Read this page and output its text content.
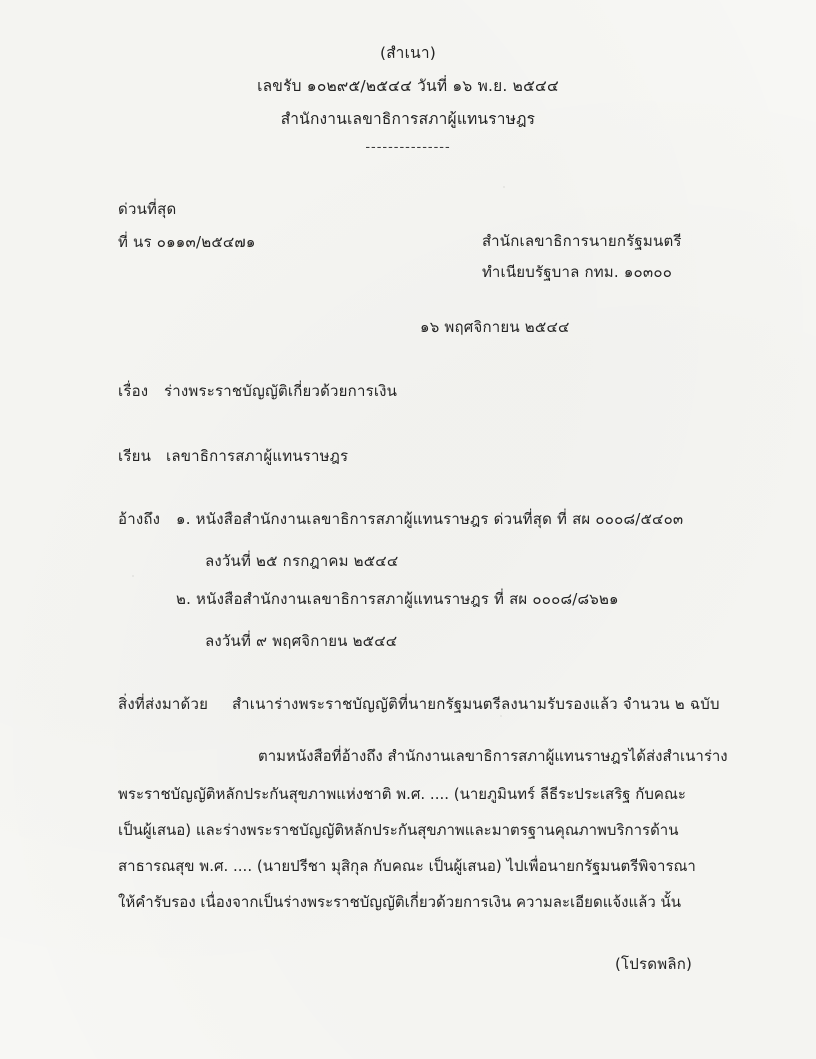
(สำเนา)
เลขรับ ๑๐๒๙๕/๒๕๔๔ วันที่ ๑๖ พ.ย. ๒๕๔๔
สำนักงานเลขาธิการสภาผู้แทนราษฎร
---------------
ด่วนที่สุด
ที่ นร ๐๑๑๓/๒๕๔๗๑	สำนักเลขาธิการนายกรัฐมนตรี
ทำเนียบรัฐบาล กทม. ๑๐๓๐๐
๑๖ พฤศจิกายน ๒๕๔๔
เรื่อง ร่างพระราชบัญญัติเกี่ยวด้วยการเงิน
เรียน เลขาธิการสภาผู้แทนราษฎร
อ้างถึง ๑. หนังสือสำนักงานเลขาธิการสภาผู้แทนราษฎร ด่วนที่สุด ที่ สผ ๐๐๐๘/๕๔๐๓
ลงวันที่ ๒๕ กรกฎาคม ๒๕๔๔
๒. หนังสือสำนักงานเลขาธิการสภาผู้แทนราษฎร ที่ สผ ๐๐๐๘/๘๖๒๑
ลงวันที่ ๙ พฤศจิกายน ๒๕๔๔
สิ่งที่ส่งมาด้วย สำเนาร่างพระราชบัญญัติที่นายกรัฐมนตรีลงนามรับรองแล้ว จำนวน ๒ ฉบับ
ตามหนังสือที่อ้างถึง สำนักงานเลขาธิการสภาผู้แทนราษฎรได้ส่งสำเนาร่าง
พระราชบัญญัติหลักประกันสุขภาพแห่งชาติ พ.ศ. .... (นายภูมินทร์ ลีธีระประเสริฐ กับคณะ
เป็นผู้เสนอ) และร่างพระราชบัญญัติหลักประกันสุขภาพและมาตรฐานคุณภาพบริการด้าน
สาธารณสุข พ.ศ. .... (นายปรีชา มุสิกุล กับคณะ เป็นผู้เสนอ) ไปเพื่อนายกรัฐมนตรีพิจารณา
ให้คำรับรอง เนื่องจากเป็นร่างพระราชบัญญัติเกี่ยวด้วยการเงิน ความละเอียดแจ้งแล้ว นั้น
(โปรดพลิก)
